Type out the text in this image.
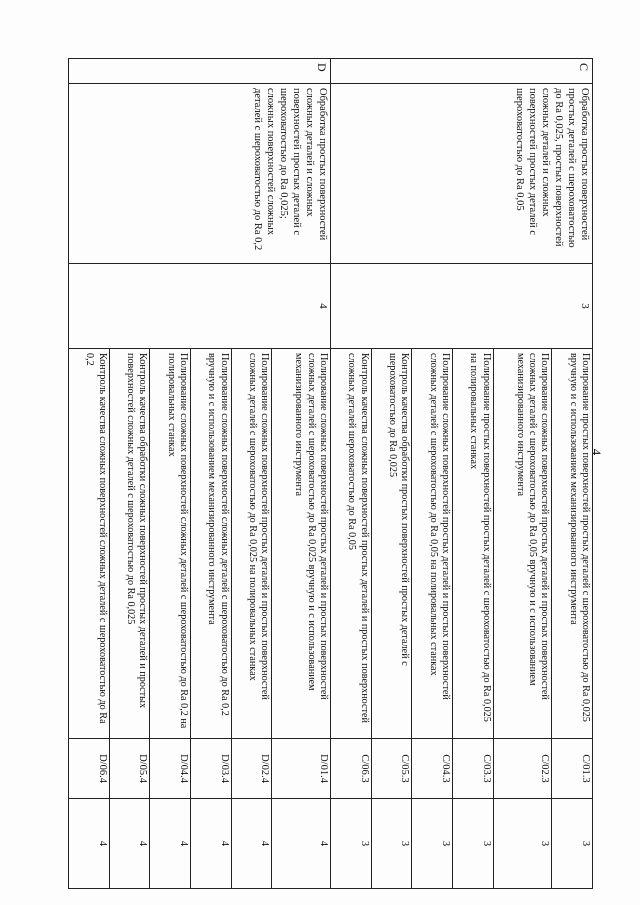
4
C	Обработка простых поверхностей простых деталей с шероховатостью до Ra 0,025, простых поверхностей сложных деталей и сложных поверхностей простых деталей с шероховатостью до Ra 0,05	3	Полирование простых поверхностей простых деталей с шероховатостью до Ra 0,025 вручную и с использованием механизированного инструмента	C/01.3	3
			Полирование сложных поверхностей простых деталей и простых поверхностей сложных деталей с шероховатостью до Ra 0,05 вручную и с использованием механизированного инструмента	C/02.3	3
			Полирование простых поверхностей простых деталей с шероховатостью до Ra 0,025 на полировальных станках	C/03.3	3
			Полирование сложных поверхностей простых деталей и простых поверхностей сложных деталей с шероховатостью до Ra 0,05 на полировальных станках	C/04.3	3
			Контроль качества обработки простых поверхностей простых деталей с шероховатостью до Ra 0,025	C/05.3	3
			Контроль качества сложных поверхностей простых деталей и простых поверхностей сложных деталей шероховатостью до Ra 0,05	C/06.3	3
D	Обработка простых поверхностей сложных деталей и сложных поверхностей простых деталей с шероховатостью до Ra 0,025; сложных поверхностей сложных деталей с шероховатостью до Ra 0,2	4	Полирование сложных поверхностей простых деталей и простых поверхностей сложных деталей с шероховатостью до Ra 0,025 вручную и с использованием механизированного инструмента	D/01.4	4
			Полирование сложных поверхностей простых деталей и простых поверхностей сложных деталей с шероховатостью до Ra 0,025 на полировальных станках	D/02.4	4
			Полирование сложных поверхностей сложных деталей с шероховатостью до Ra 0,2 вручную и с использованием механизированного инструмента	D/03.4	4
			Полирование сложных поверхностей сложных деталей с шероховатостью до Ra 0,2 на полировальных станках	D/04.4	4
			Контроль качества обработки сложных поверхностей простых деталей и простых поверхностей сложных деталей с шероховатостью до Ra 0,025	D/05.4	4
			Контроль качества сложных поверхностей сложных деталей с шероховатостью до Ra 0,2	D/06.4	4
